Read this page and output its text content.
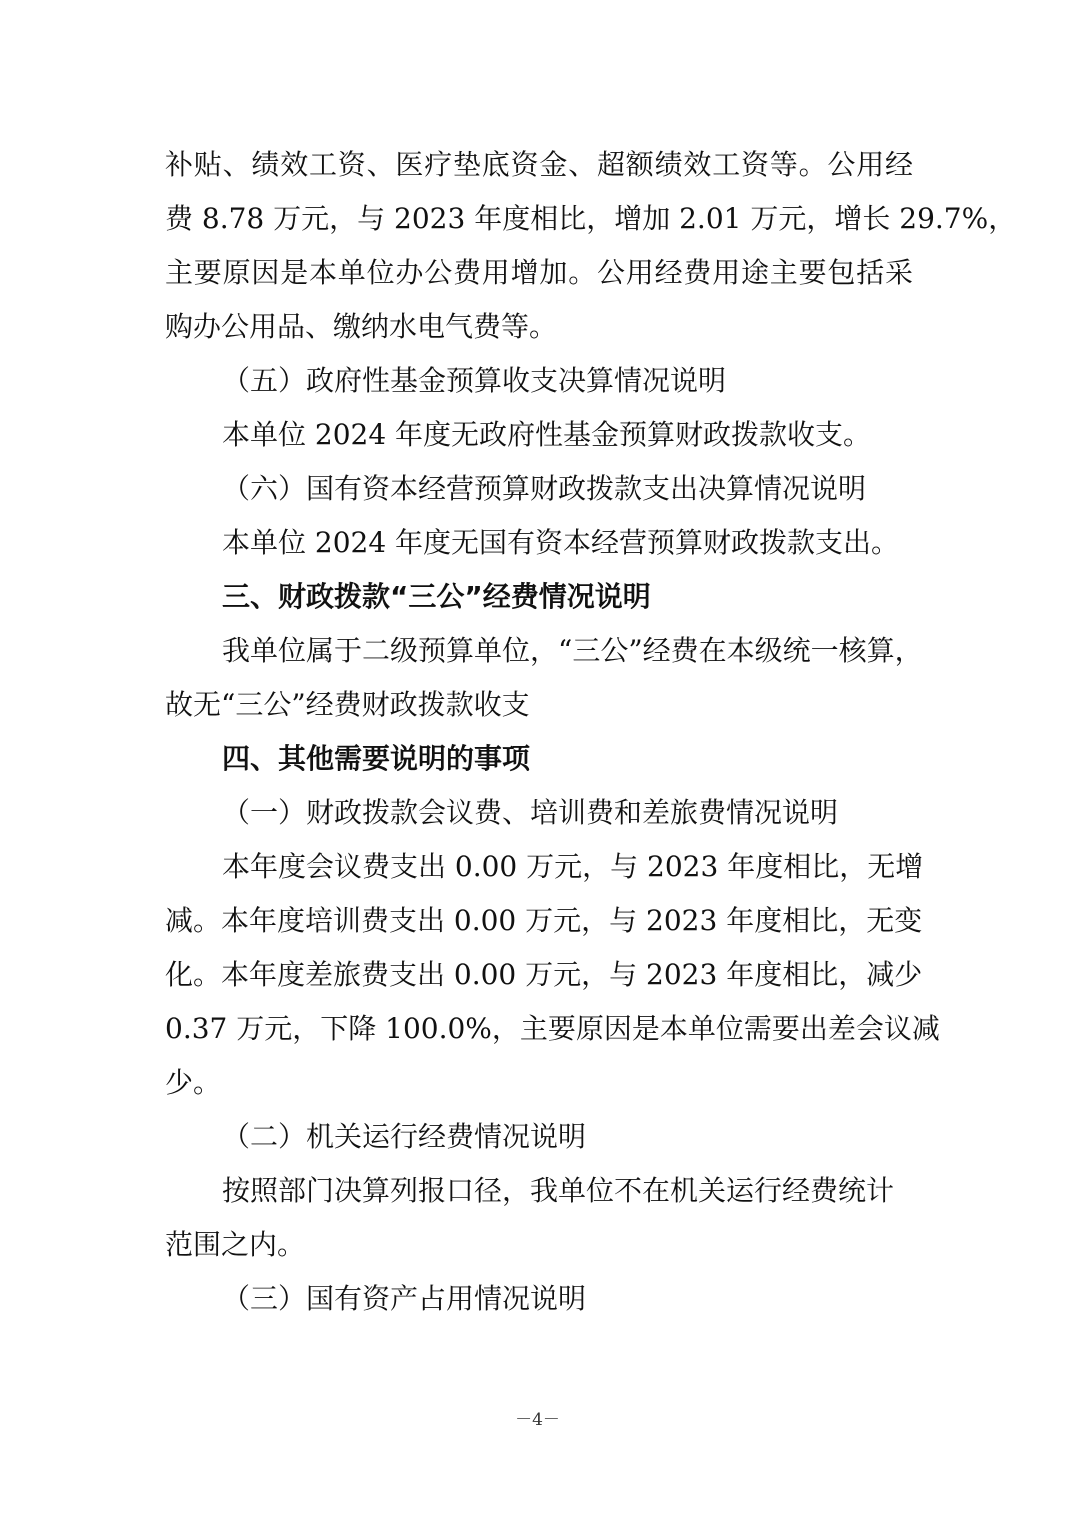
补贴、绩效工资、医疗垫底资金、超额绩效工资等。公用经
费 8.78 万元，与 2023 年度相比，增加 2.01 万元，增长 29.7%，
主要原因是本单位办公费用增加。公用经费用途主要包括采
购办公用品、缴纳水电气费等。
（五）政府性基金预算收支决算情况说明
本单位 2024 年度无政府性基金预算财政拨款收支。
（六）国有资本经营预算财政拨款支出决算情况说明
本单位 2024 年度无国有资本经营预算财政拨款支出。
三、财政拨款“三公”经费情况说明
我单位属于二级预算单位，“三公”经费在本级统一核算，
故无“三公”经费财政拨款收支
四、其他需要说明的事项
（一）财政拨款会议费、培训费和差旅费情况说明
本年度会议费支出 0.00 万元，与 2023 年度相比，无增
减。本年度培训费支出 0.00 万元，与 2023 年度相比，无变
化。本年度差旅费支出 0.00 万元，与 2023 年度相比，减少
0.37 万元，下降 100.0%，主要原因是本单位需要出差会议减
少。
（二）机关运行经费情况说明
按照部门决算列报口径，我单位不在机关运行经费统计
范围之内。
（三）国有资产占用情况说明
－4－
